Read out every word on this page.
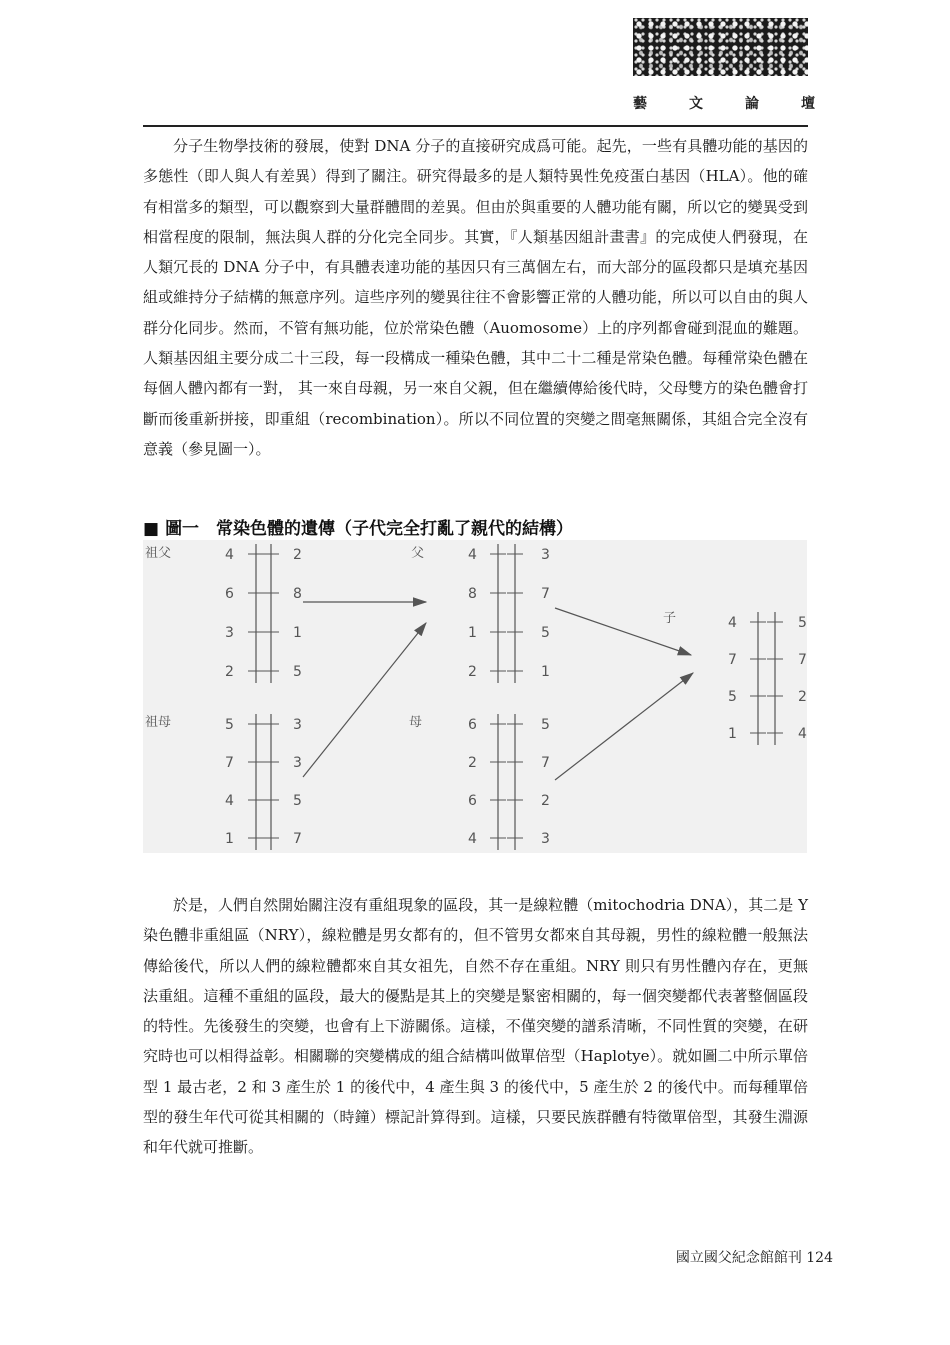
藝	文	論	壇

分子生物學技術的發展，使對 DNA 分子的直接研究成爲可能。起先，一些有具體功能的基因的多態性（即人與人有差異）得到了關注。研究得最多的是人類特異性免疫蛋白基因（HLA）。他的確有相當多的類型，可以觀察到大量群體間的差異。但由於與重要的人體功能有關，所以它的變異受到相當程度的限制，無法與人群的分化完全同步。其實，『人類基因組計畫書』的完成使人們發現，在人類冗長的 DNA 分子中，有具體表達功能的基因只有三萬個左右，而大部分的區段都只是填充基因組或維持分子結構的無意序列。這些序列的變異往往不會影響正常的人體功能，所以可以自由的與人群分化同步。然而，不管有無功能，位於常染色體（Auomosome）上的序列都會碰到混血的難題。人類基因組主要分成二十三段，每一段構成一種染色體，其中二十二種是常染色體。每種常染色體在每個人體內都有一對， 其一來自母親，另一來自父親，但在繼續傳給後代時，父母雙方的染色體會打斷而後重新拼接，即重組（recombination）。所以不同位置的突變之間毫無關係，其組合完全沒有意義（參見圖一）。

■ 圖一　常染色體的遺傳（子代完全打亂了親代的結構）
祖父	4	2
6	8
3	1
2	5
祖母	5	3
7	3
4	5
1	7
父	4	3
8	7
1	5
2	1
母	6	5
2	7
6	2
4	3
子	4	5
7	7
5	2
1	4

於是，人們自然開始關注沒有重組現象的區段，其一是線粒體（mitochodria DNA），其二是 Y 染色體非重組區（NRY），線粒體是男女都有的，但不管男女都來自其母親，男性的線粒體一般無法傳給後代，所以人們的線粒體都來自其女祖先，自然不存在重組。NRY 則只有男性體內存在，更無法重組。這種不重組的區段，最大的優點是其上的突變是緊密相關的，每一個突變都代表著整個區段的特性。先後發生的突變，也會有上下游關係。這樣，不僅突變的譜系清晰，不同性質的突變，在研究時也可以相得益彰。相關聯的突變構成的組合結構叫做單倍型（Haplotye）。就如圖二中所示單倍型 1 最古老，2 和 3 產生於 1 的後代中，4 產生與 3 的後代中，5 產生於 2 的後代中。而每種單倍型的發生年代可從其相關的（時鐘）標記計算得到。這樣，只要民族群體有特徵單倍型，其發生淵源和年代就可推斷。

國立國父紀念館館刊 124
